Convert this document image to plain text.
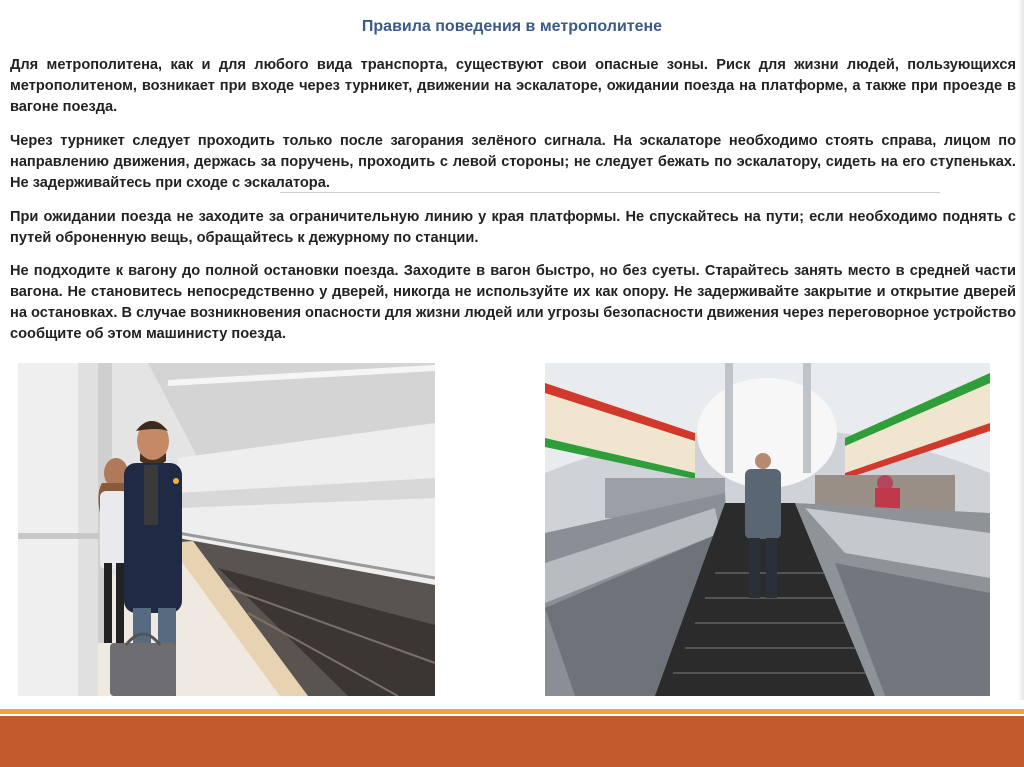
Правила поведения в метрополитене

Для метрополитена, как и для любого вида транспорта, существуют свои опасные зоны. Риск для жизни людей, пользующихся метрополитеном, возникает при входе через турникет, движении на эскалаторе, ожидании поезда на платформе, а также при проезде в вагоне поезда.

Через турникет следует проходить только после загорания зелёного сигнала. На эскалаторе необходимо стоять справа, лицом по направлению движения, держась за поручень, проходить с левой стороны; не следует бежать по эскалатору, сидеть на его ступеньках. Не задерживайтесь при сходе с эскалатора.

При ожидании поезда не заходите за ограничительную линию у края платформы. Не спускайтесь на пути; если необходимо поднять с путей оброненную вещь, обращайтесь к дежурному по станции.

Не подходите к вагону до полной остановки поезда. Заходите в вагон быстро, но без суеты. Старайтесь занять место в средней части вагона. Не становитесь непосредственно у дверей, никогда не используйте их как опору. Не задерживайте закрытие и открытие дверей на остановках. В случае возникновения опасности для жизни людей или угрозы безопасности движения через переговорное устройство сообщите об этом машинисту поезда.
